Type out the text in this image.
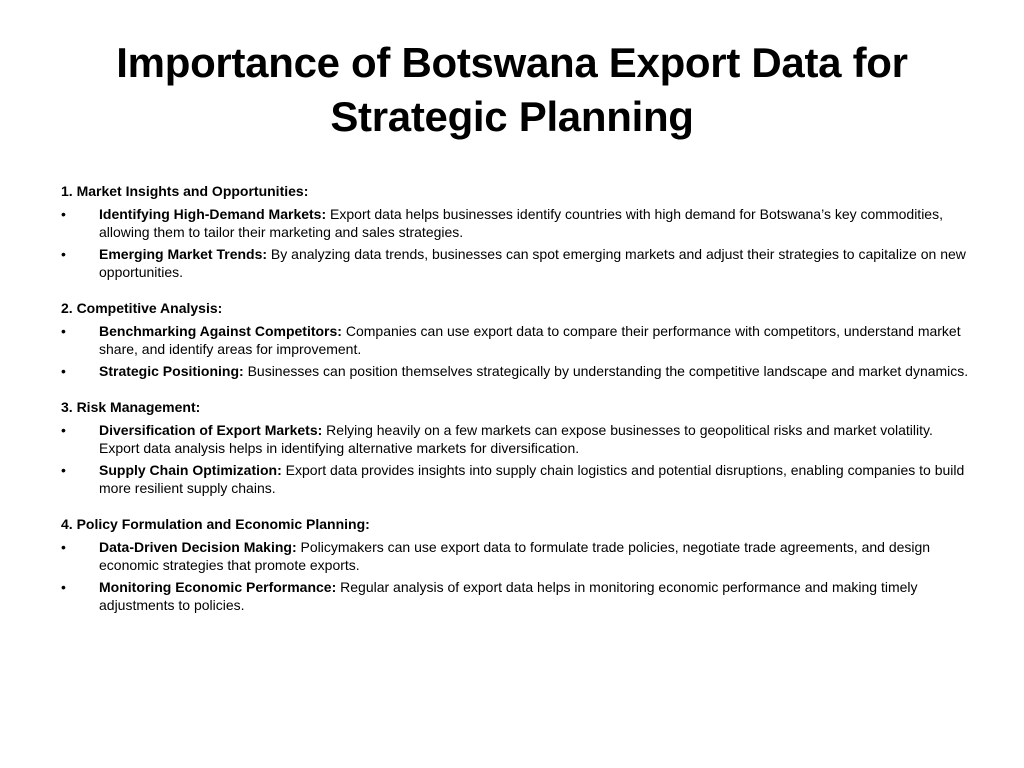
Importance of Botswana Export Data for Strategic Planning
1. Market Insights and Opportunities:
•	Identifying High-Demand Markets: Export data helps businesses identify countries with high demand for Botswana’s key commodities, allowing them to tailor their marketing and sales strategies.
•	Emerging Market Trends: By analyzing data trends, businesses can spot emerging markets and adjust their strategies to capitalize on new opportunities.
2. Competitive Analysis:
•	Benchmarking Against Competitors: Companies can use export data to compare their performance with competitors, understand market share, and identify areas for improvement.
•	Strategic Positioning: Businesses can position themselves strategically by understanding the competitive landscape and market dynamics.
3. Risk Management:
•	Diversification of Export Markets: Relying heavily on a few markets can expose businesses to geopolitical risks and market volatility. Export data analysis helps in identifying alternative markets for diversification.
•	Supply Chain Optimization: Export data provides insights into supply chain logistics and potential disruptions, enabling companies to build more resilient supply chains.
4. Policy Formulation and Economic Planning:
•	Data-Driven Decision Making: Policymakers can use export data to formulate trade policies, negotiate trade agreements, and design economic strategies that promote exports.
•	Monitoring Economic Performance: Regular analysis of export data helps in monitoring economic performance and making timely adjustments to policies.
